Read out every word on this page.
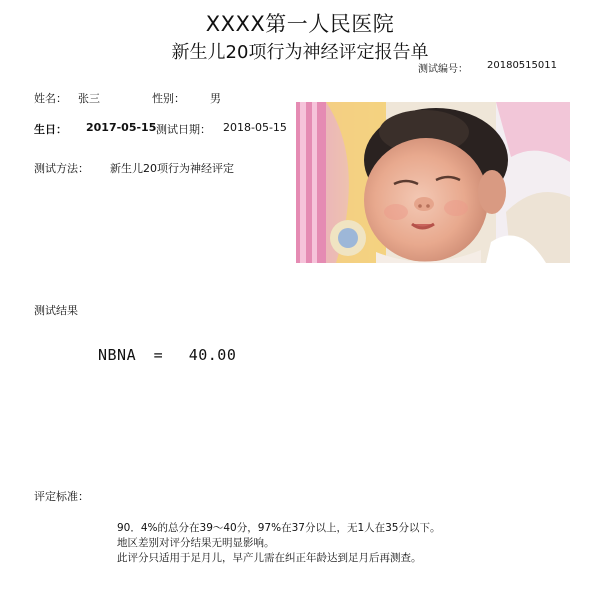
XXXX第一人民医院
新生儿20项行为神经评定报告单
测试编号： 20180515011
姓名： 张三	性别： 男
生日： 2017-05-15 测试日期： 2018-05-15
测试方法： 新生儿20项行为神经评定
测试结果
NBNA = 40.00
评定标准：
90．4%的总分在39～40分，97%在37分以上，无1人在35分以下。
地区差别对评分结果无明显影响。
此评分只适用于足月儿，早产儿需在纠正年龄达到足月后再测查。
